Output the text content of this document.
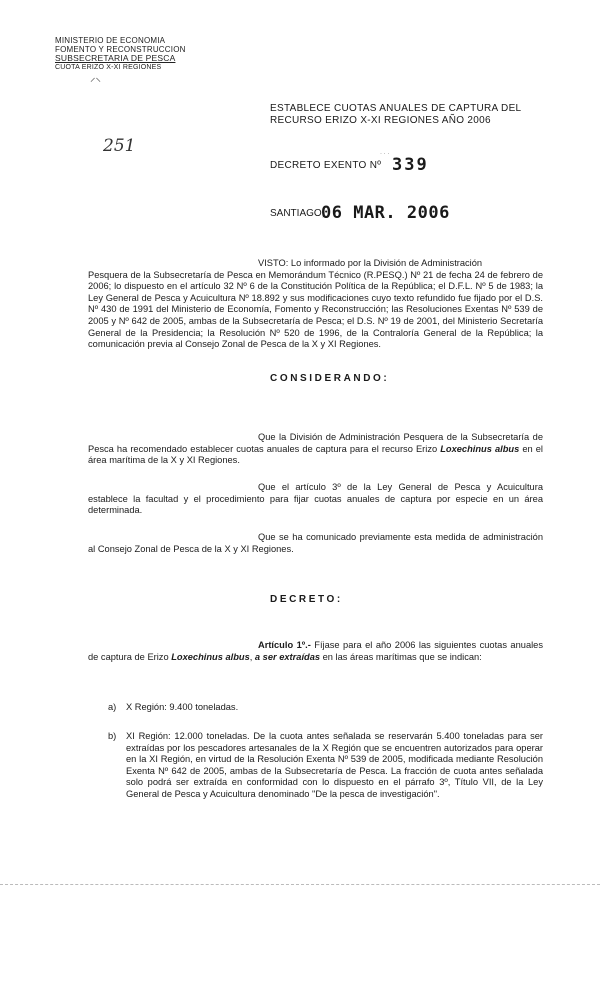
MINISTERIO DE ECONOMIA
FOMENTO Y RECONSTRUCCION
SUBSECRETARIA DE PESCA
CUOTA ERIZO X-XI REGIONES
⸝⸜
251
ESTABLECE CUOTAS ANUALES DE CAPTURA DEL RECURSO ERIZO X-XI REGIONES AÑO 2006
DECRETO EXENTO Nº
· · ·
339
SANTIAGO,
06 MAR. 2006
VISTO: Lo informado por la División de Administración
Pesquera de la Subsecretaría de Pesca en Memorándum Técnico (R.PESQ.) Nº 21 de fecha 24 de febrero de 2006; lo dispuesto en el artículo 32 Nº 6 de la Constitución Política de la República; el D.F.L. Nº 5 de 1983; la Ley General de Pesca y Acuicultura Nº 18.892 y sus modificaciones cuyo texto refundido fue fijado por el D.S. Nº 430 de 1991 del Ministerio de Economía, Fomento y Reconstrucción; las Resoluciones Exentas Nº 539 de 2005 y Nº 642 de 2005, ambas de la Subsecretaría de Pesca; el D.S. Nº 19 de 2001, del Ministerio Secretaría General de la Presidencia; la Resolución Nº 520 de 1996, de la Contraloría General de la República; la comunicación previa al Consejo Zonal de Pesca de la X y XI Regiones.
CONSIDERANDO:
Que la División de Administración Pesquera de la Subsecretaría de Pesca ha recomendado establecer cuotas anuales de captura para el recurso Erizo Loxechinus albus en el área marítima de la X y XI Regiones.
Que el artículo 3º de la Ley General de Pesca y Acuicultura establece la facultad y el procedimiento para fijar cuotas anuales de captura por especie en un área determinada.
Que se ha comunicado previamente esta medida de administración al Consejo Zonal de Pesca de la X y XI Regiones.
DECRETO:
Artículo 1º.- Fíjase para el año 2006 las siguientes cuotas anuales de captura de Erizo Loxechinus albus, a ser extraídas en las áreas marítimas que se indican:
a) X Región: 9.400 toneladas.
b) XI Región: 12.000 toneladas. De la cuota antes señalada se reservarán 5.400 toneladas para ser extraídas por los pescadores artesanales de la X Región que se encuentren autorizados para operar en la XI Región, en virtud de la Resolución Exenta Nº 539 de 2005, modificada mediante Resolución Exenta Nº 642 de 2005, ambas de la Subsecretaría de Pesca. La fracción de cuota antes señalada solo podrá ser extraída en conformidad con lo dispuesto en el párrafo 3º, Título VII, de la Ley General de Pesca y Acuicultura denominado "De la pesca de investigación".
